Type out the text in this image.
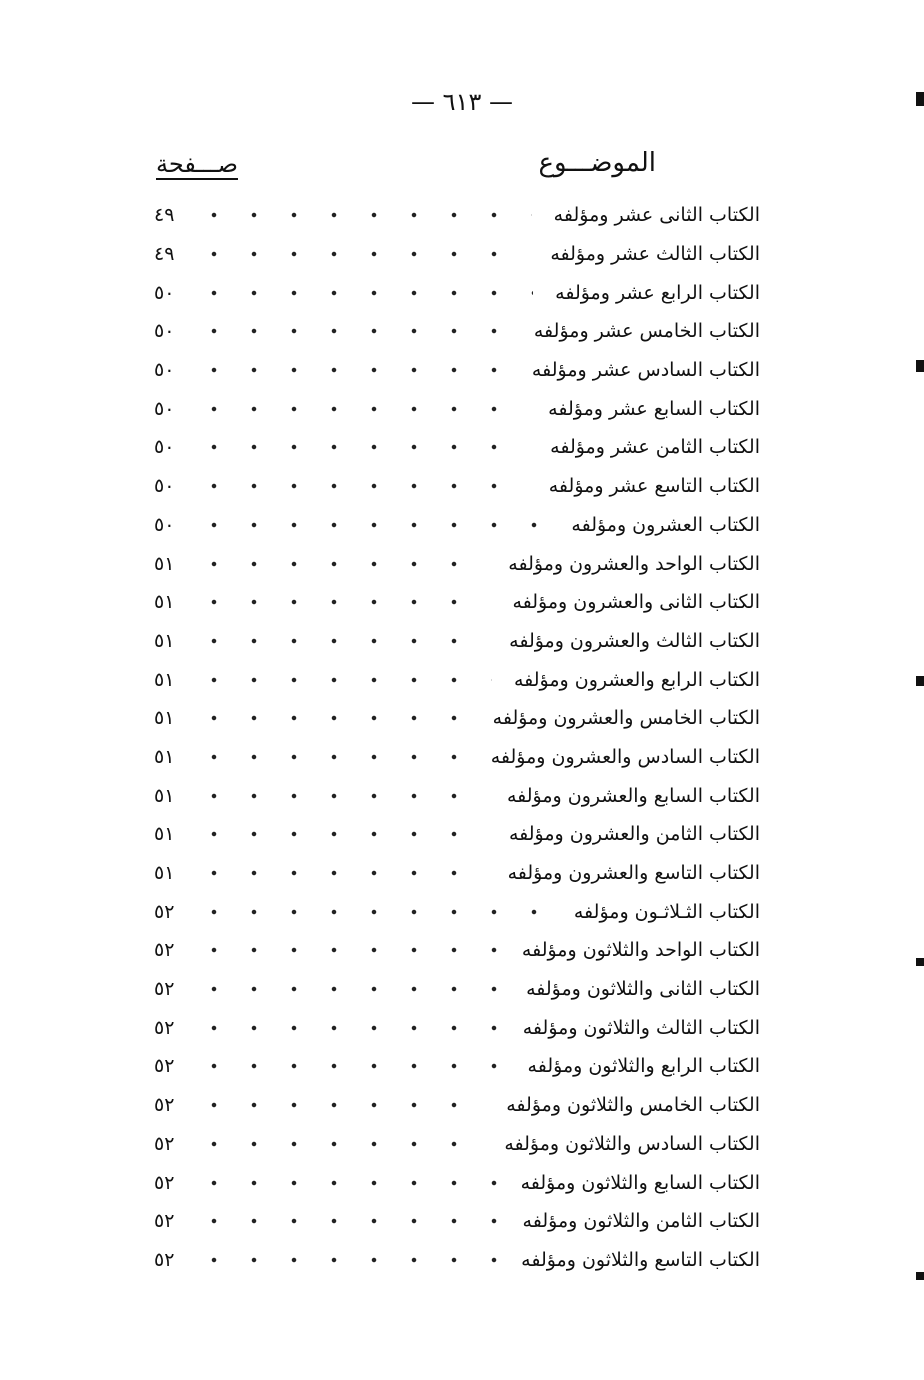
— ٦١٣ —
الموضـــوع
صـــفحة
الكتاب الثانى عشر ومؤلفه
٤٩
الكتاب الثالث عشر ومؤلفه
٤٩
الكتاب الرابع عشر ومؤلفه
٥٠
الكتاب الخامس عشر ومؤلفه
٥٠
الكتاب السادس عشر ومؤلفه
٥٠
الكتاب السابع عشر ومؤلفه
٥٠
الكتاب الثامن عشر ومؤلفه
٥٠
الكتاب التاسع عشر ومؤلفه
٥٠
الكتاب العشرون ومؤلفه
٥٠
الكتاب الواحد والعشرون ومؤلفه
٥١
الكتاب الثانى والعشرون ومؤلفه
٥١
الكتاب الثالث والعشرون ومؤلفه
٥١
الكتاب الرابع والعشرون ومؤلفه
٥١
الكتاب الخامس والعشرون ومؤلفه
٥١
الكتاب السادس والعشرون ومؤلفه
٥١
الكتاب السابع والعشرون ومؤلفه
٥١
الكتاب الثامن والعشرون ومؤلفه
٥١
الكتاب التاسع والعشرون ومؤلفه
٥١
الكتاب الثـلاثـون ومؤلفه
٥٢
الكتاب الواحد والثلاثون ومؤلفه
٥٢
الكتاب الثانى والثلاثون ومؤلفه
٥٢
الكتاب الثالث والثلاثون ومؤلفه
٥٢
الكتاب الرابع والثلاثون ومؤلفه
٥٢
الكتاب الخامس والثلاثون ومؤلفه
٥٢
الكتاب السادس والثلاثون ومؤلفه
٥٢
الكتاب السابع والثلاثون ومؤلفه
٥٢
الكتاب الثامن والثلاثون ومؤلفه
٥٢
الكتاب التاسع والثلاثون ومؤلفه
٥٢
